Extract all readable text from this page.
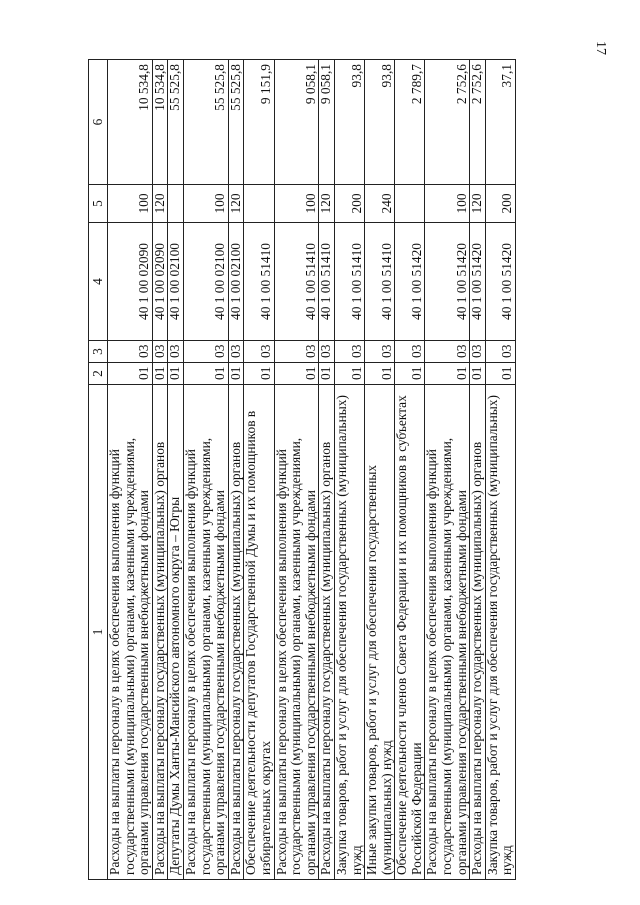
17
1	2	3	4	5	6
Расходы на выплаты персоналу в целях обеспечения выполнения функций государственными (муниципальными) органами, казенными учреждениями, органами управления государственными внебюджетными фондами	01	03	40 1 00 02090	100	10 534,8
Расходы на выплаты персоналу государственных (муниципальных) органов	01	03	40 1 00 02090	120	10 534,8
Депутаты Думы Ханты-Мансийского автономного округа – Югры	01	03	40 1 00 02100		55 525,8
Расходы на выплаты персоналу в целях обеспечения выполнения функций государственными (муниципальными) органами, казенными учреждениями, органами управления государственными внебюджетными фондами	01	03	40 1 00 02100	100	55 525,8
Расходы на выплаты персоналу государственных (муниципальных) органов	01	03	40 1 00 02100	120	55 525,8
Обеспечение деятельности депутатов Государственной Думы и их помощников в избирательных округах	01	03	40 1 00 51410		9 151,9
Расходы на выплаты персоналу в целях обеспечения выполнения функций государственными (муниципальными) органами, казенными учреждениями, органами управления государственными внебюджетными фондами	01	03	40 1 00 51410	100	9 058,1
Расходы на выплаты персоналу государственных (муниципальных) органов	01	03	40 1 00 51410	120	9 058,1
Закупка товаров, работ и услуг для обеспечения государственных (муниципальных) нужд	01	03	40 1 00 51410	200	93,8
Иные закупки товаров, работ и услуг для обеспечения государственных (муниципальных) нужд	01	03	40 1 00 51410	240	93,8
Обеспечение деятельности членов Совета Федерации и их помощников в субъектах Российской Федерации	01	03	40 1 00 51420		2 789,7
Расходы на выплаты персоналу в целях обеспечения выполнения функций государственными (муниципальными) органами, казенными учреждениями, органами управления государственными внебюджетными фондами	01	03	40 1 00 51420	100	2 752,6
Расходы на выплаты персоналу государственных (муниципальных) органов	01	03	40 1 00 51420	120	2 752,6
Закупка товаров, работ и услуг для обеспечения государственных (муниципальных) нужд	01	03	40 1 00 51420	200	37,1
